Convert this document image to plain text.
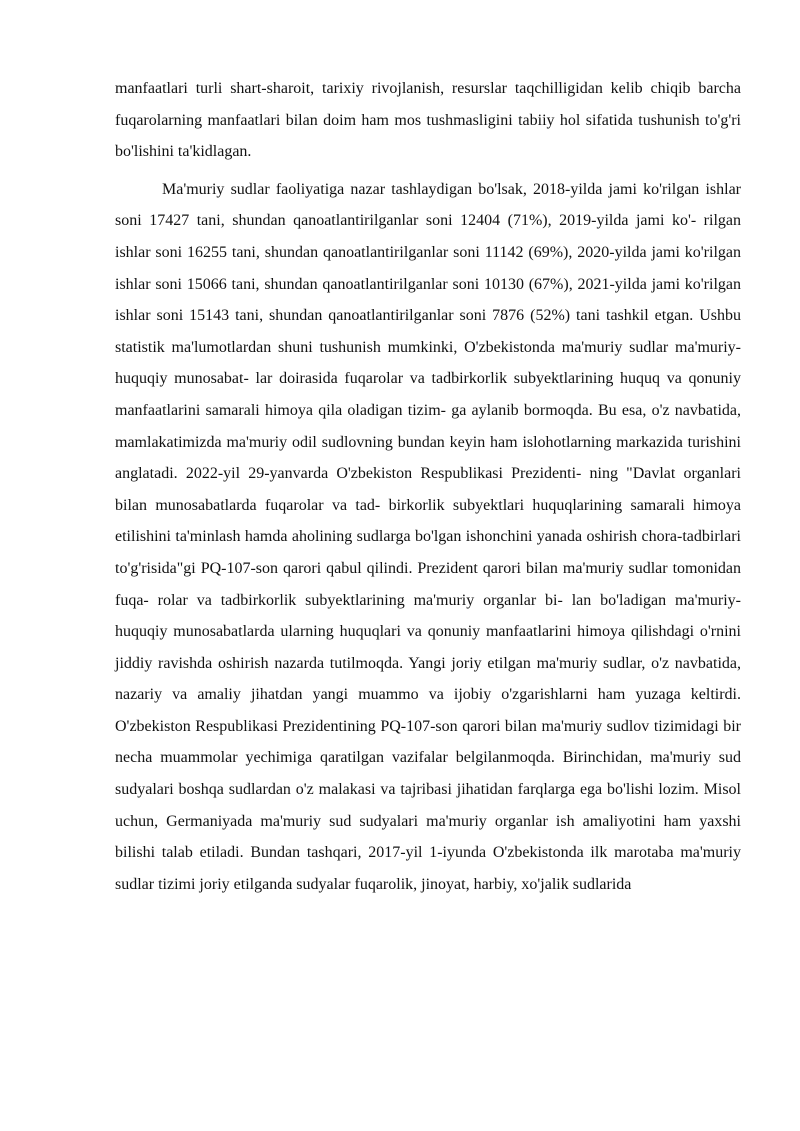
manfaatlari turli shart-sharoit, tarixiy rivojlanish, resurslar taqchilligidan kelib chiqib barcha fuqarolarning manfaatlari bilan doim ham mos tushmasligini tabiiy hol sifatida tushunish to'g'ri bo'lishini ta'kidlagan.

Ma'muriy sudlar faoliyatiga nazar tashlaydigan bo'lsak, 2018-yilda jami ko'rilgan ishlar soni 17427 tani, shundan qanoatlantirilganlar soni 12404 (71%), 2019-yilda jami ko'- rilgan ishlar soni 16255 tani, shundan qanoatlantirilganlar soni 11142 (69%), 2020-yilda jami ko'rilgan ishlar soni 15066 tani, shundan qanoatlantirilganlar soni 10130 (67%), 2021-yilda jami ko'rilgan ishlar soni 15143 tani, shundan qanoatlantirilganlar soni 7876 (52%) tani tashkil etgan. Ushbu statistik ma'lumotlardan shuni tushunish mumkinki, O'zbekistonda ma'muriy sudlar ma'muriy-huquqiy munosabat- lar doirasida fuqarolar va tadbirkorlik subyektlarining huquq va qonuniy manfaatlarini samarali himoya qila oladigan tizim- ga aylanib bormoqda. Bu esa, o'z navbatida, mamlakatimizda ma'muriy odil sudlovning bundan keyin ham islohotlarning markazida turishini anglatadi. 2022-yil 29-yanvarda O'zbekiston Respublikasi Prezidenti- ning "Davlat organlari bilan munosabatlarda fuqarolar va tad- birkorlik subyektlari huquqlarining samarali himoya etilishini ta'minlash hamda aholining sudlarga bo'lgan ishonchini yanada oshirish chora-tadbirlari to'g'risida"gi PQ-107-son qarori qabul qilindi. Prezident qarori bilan ma'muriy sudlar tomonidan fuqa- rolar va tadbirkorlik subyektlarining ma'muriy organlar bi- lan bo'ladigan ma'muriy-huquqiy munosabatlarda ularning huquqlari va qonuniy manfaatlarini himoya qilishdagi o'rnini jiddiy ravishda oshirish nazarda tutilmoqda. Yangi joriy etilgan ma'muriy sudlar, o'z navbatida, nazariy va amaliy jihatdan yangi muammo va ijobiy o'zgarishlarni ham yuzaga keltirdi. O'zbekiston Respublikasi Prezidentining PQ-107-son qarori bilan ma'muriy sudlov tizimidagi bir necha muammolar yechimiga qaratilgan vazifalar belgilanmoqda. Birinchidan, ma'muriy sud sudyalari boshqa sudlardan o'z malakasi va tajribasi jihatidan farqlarga ega bo'lishi lozim. Misol uchun, Germaniyada ma'muriy sud sudyalari ma'muriy organlar ish amaliyotini ham yaxshi bilishi talab etiladi. Bundan tashqari, 2017-yil 1-iyunda O'zbekistonda ilk marotaba ma'muriy sudlar tizimi joriy etilganda sudyalar fuqarolik, jinoyat, harbiy, xo'jalik sudlarida
